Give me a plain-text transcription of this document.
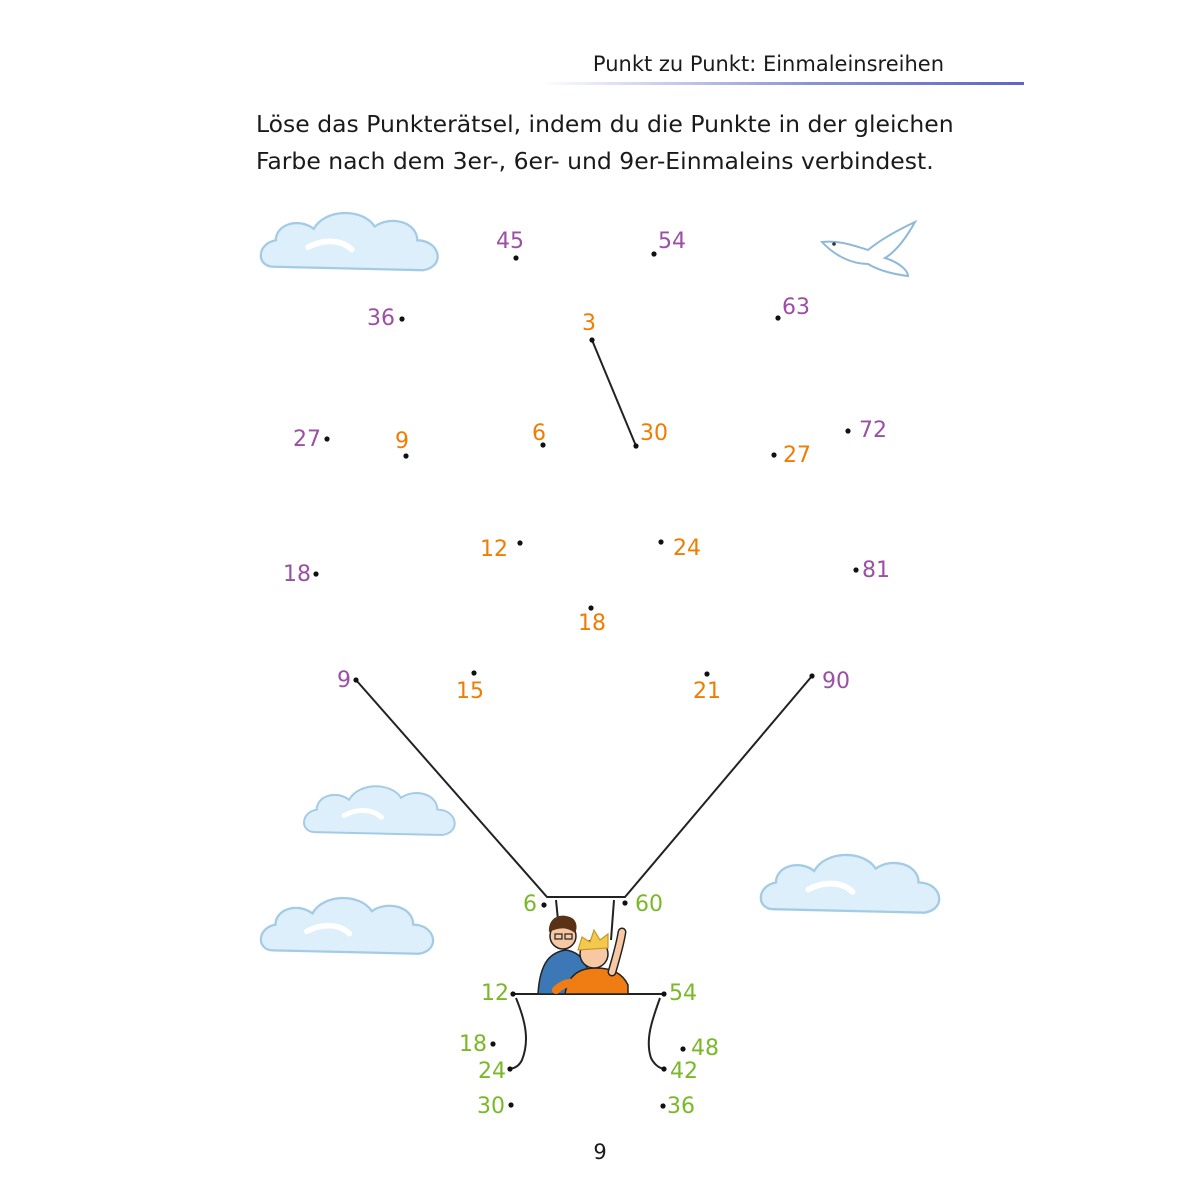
Punkt zu Punkt: Einmaleinsreihen

Löse das Punkterätsel, indem du die Punkte in der gleichen Farbe nach dem 3er-, 6er- und 9er-Einmaleins verbindest.

45	54
36	63
27	72
18	81
9	90
3
6
9
12
15
18
21
24
27
30
6
12
18
24
30	36
42
48
54
60
9
